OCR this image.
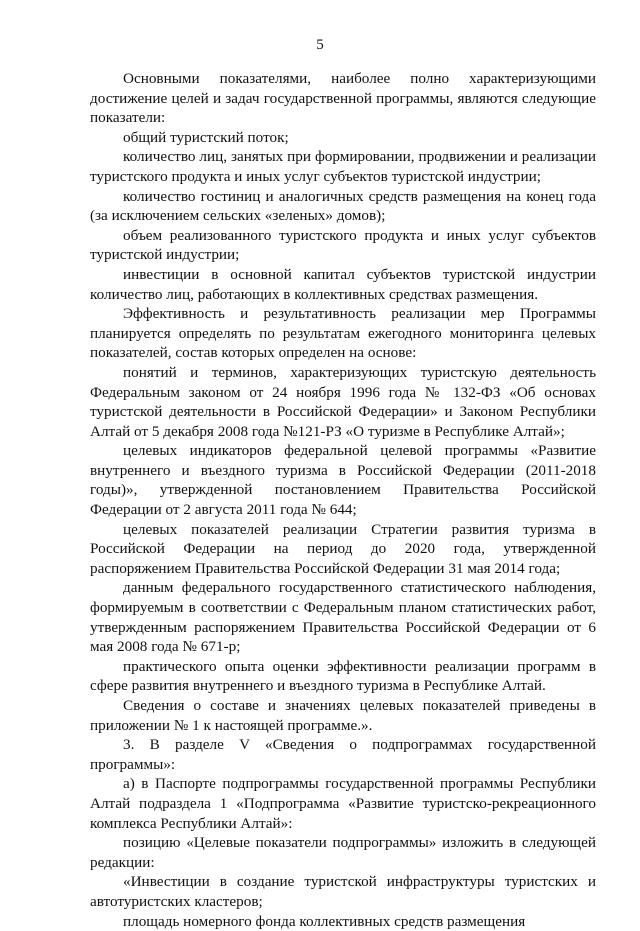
5

Основными показателями, наиболее полно характеризующими достижение целей и задач государственной программы, являются следующие показатели:

общий туристский поток;

количество лиц, занятых при формировании, продвижении и реализации туристского продукта и иных услуг субъектов туристской индустрии;

количество гостиниц и аналогичных средств размещения на конец года (за исключением сельских «зеленых» домов);

объем реализованного туристского продукта и иных услуг субъектов туристской индустрии;

инвестиции в основной капитал субъектов туристской индустрии количество лиц, работающих в коллективных средствах размещения.

Эффективность и результативность реализации мер Программы планируется определять по результатам ежегодного мониторинга целевых показателей, состав которых определен на основе:

понятий и терминов, характеризующих туристскую деятельность Федеральным законом от 24 ноября 1996 года № 132-ФЗ «Об основах туристской деятельности в Российской Федерации» и Законом Республики Алтай от 5 декабря 2008 года №121-РЗ «О туризме в Республике Алтай»;

целевых индикаторов федеральной целевой программы «Развитие внутреннего и въездного туризма в Российской Федерации (2011-2018 годы)», утвержденной постановлением Правительства Российской Федерации от 2 августа 2011 года № 644;

целевых показателей реализации Стратегии развития туризма в Российской Федерации на период до 2020 года, утвержденной распоряжением Правительства Российской Федерации 31 мая 2014 года;

данным федерального государственного статистического наблюдения, формируемым в соответствии с Федеральным планом статистических работ, утвержденным распоряжением Правительства Российской Федерации от 6 мая 2008 года № 671-р;

практического опыта оценки эффективности реализации программ в сфере развития внутреннего и въездного туризма в Республике Алтай.

Сведения о составе и значениях целевых показателей приведены в приложении № 1 к настоящей программе.».

3. В разделе V «Сведения о подпрограммах государственной программы»:

а) в Паспорте подпрограммы государственной программы Республики Алтай подраздела 1 «Подпрограмма «Развитие туристско-рекреационного комплекса Республики Алтай»:

позицию «Целевые показатели подпрограммы» изложить в следующей редакции:

«Инвестиции в создание туристской инфраструктуры туристских и автотуристских кластеров;

площадь номерного фонда коллективных средств размещения
